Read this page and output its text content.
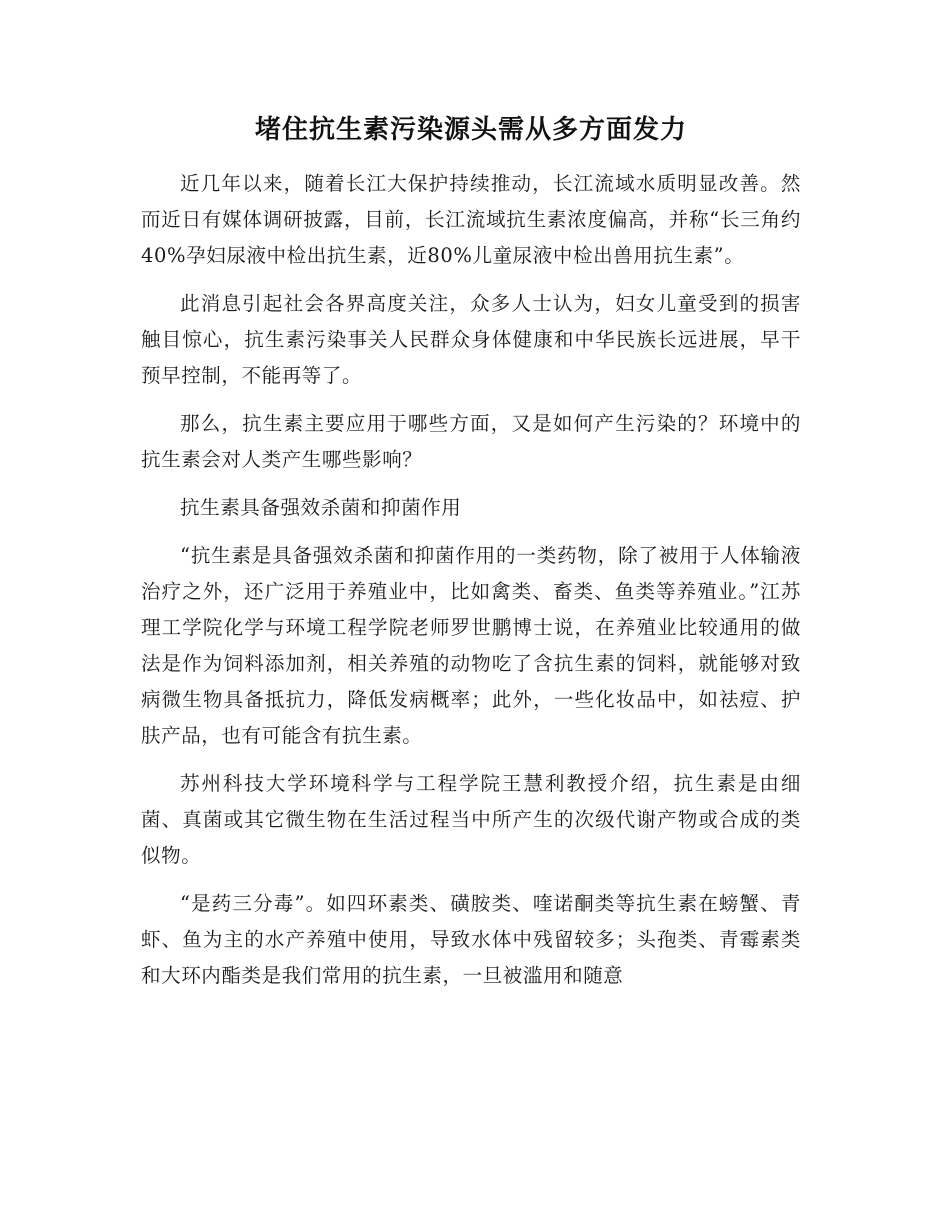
堵住抗生素污染源头需从多方面发力

近几年以来，随着长江大保护持续推动，长江流域水质明显改善。然而近日有媒体调研披露，目前，长江流域抗生素浓度偏高，并称“长三角约40%孕妇尿液中检出抗生素，近80%儿童尿液中检出兽用抗生素”。

此消息引起社会各界高度关注，众多人士认为，妇女儿童受到的损害触目惊心，抗生素污染事关人民群众身体健康和中华民族长远进展，早干预早控制，不能再等了。

那么，抗生素主要应用于哪些方面，又是如何产生污染的？环境中的抗生素会对人类产生哪些影响？

抗生素具备强效杀菌和抑菌作用

“抗生素是具备强效杀菌和抑菌作用的一类药物，除了被用于人体输液治疗之外，还广泛用于养殖业中，比如禽类、畜类、鱼类等养殖业。”江苏理工学院化学与环境工程学院老师罗世鹏博士说，在养殖业比较通用的做法是作为饲料添加剂，相关养殖的动物吃了含抗生素的饲料，就能够对致病微生物具备抵抗力，降低发病概率；此外，一些化妆品中，如祛痘、护肤产品，也有可能含有抗生素。

苏州科技大学环境科学与工程学院王慧利教授介绍，抗生素是由细菌、真菌或其它微生物在生活过程当中所产生的次级代谢产物或合成的类似物。

“是药三分毒”。如四环素类、磺胺类、喹诺酮类等抗生素在螃蟹、青虾、鱼为主的水产养殖中使用，导致水体中残留较多；头孢类、青霉素类和大环内酯类是我们常用的抗生素，一旦被滥用和随意
